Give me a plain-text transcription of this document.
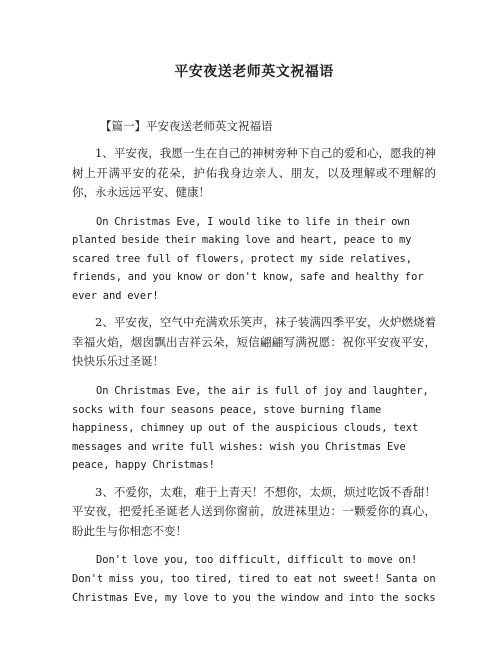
平安夜送老师英文祝福语
【篇一】平安夜送老师英文祝福语

1、平安夜，我愿一生在自己的神树旁种下自己的爱和心，愿我的神树上开满平安的花朵，护佑我身边亲人、朋友，以及理解或不理解的你，永永远远平安、健康！

On Christmas Eve, I would like to life in their own planted beside their making love and heart, peace to my scared tree full of flowers, protect my side relatives, friends, and you know or don't know, safe and healthy for ever and ever!

2、平安夜，空气中充满欢乐笑声，袜子装满四季平安，火炉燃烧着幸福火焰，烟囱飘出吉祥云朵，短信翩翩写满祝愿：祝你平安夜平安，快快乐乐过圣诞！

On Christmas Eve, the air is full of joy and laughter, socks with four seasons peace, stove burning flame happiness, chimney up out of the auspicious clouds, text messages and write full wishes: wish you Christmas Eve peace, happy Christmas!

3、不爱你，太难，难于上青天！不想你，太烦，烦过吃饭不香甜！平安夜，把爱托圣诞老人送到你窗前，放进袜里边：一颗爱你的真心，盼此生与你相恋不变！

Don't love you, too difficult, difficult to move on! Don't miss you, too tired, tired to eat not sweet! Santa on Christmas Eve, my love to you the window and into the socks
